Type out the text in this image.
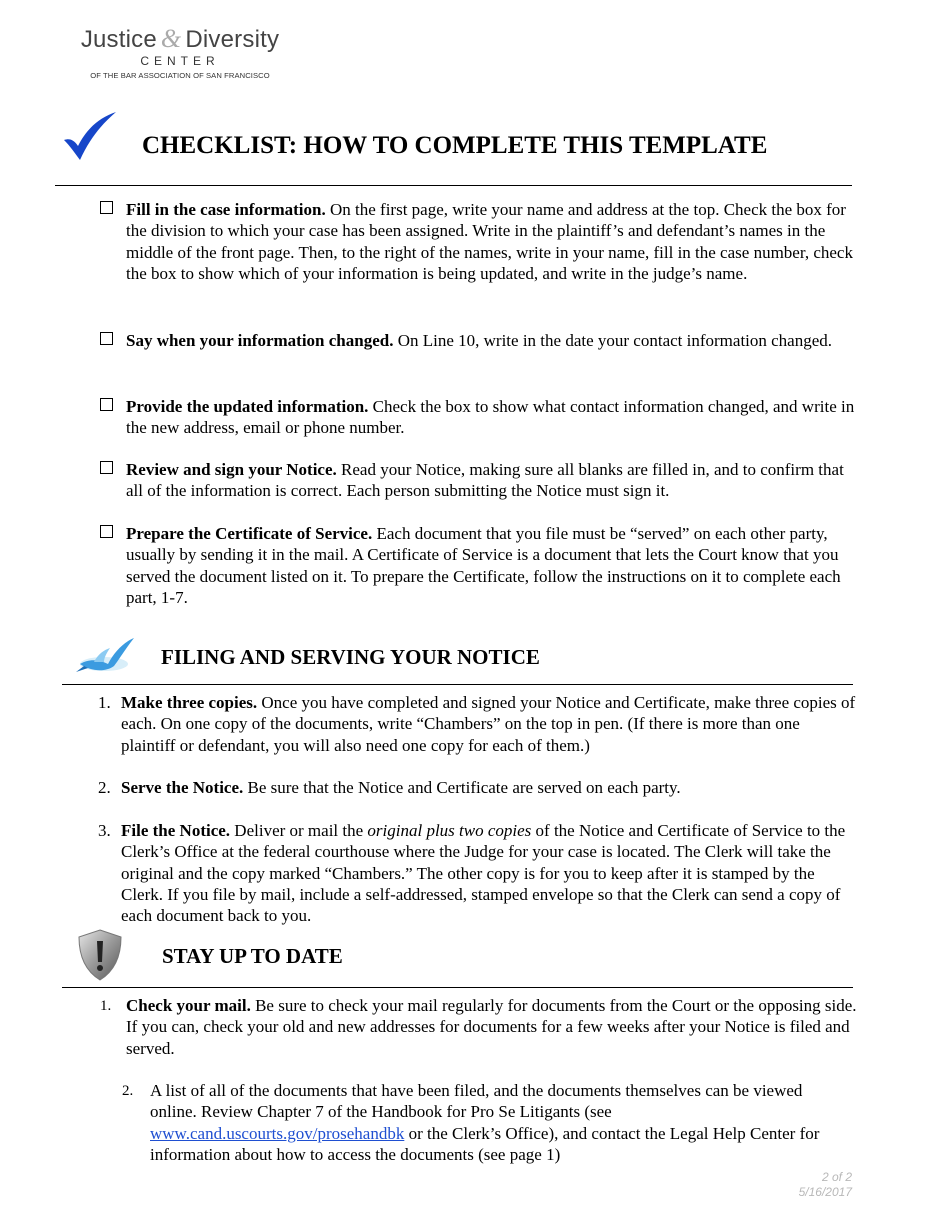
Justice & Diversity
CENTER
OF THE BAR ASSOCIATION OF SAN FRANCISCO
CHECKLIST: HOW TO COMPLETE THIS TEMPLATE
Fill in the case information. On the first page, write your name and address at the top. Check the box for the division to which your case has been assigned. Write in the plaintiff’s and defendant’s names in the middle of the front page. Then, to the right of the names, write in your name, fill in the case number, check the box to show which of your information is being updated, and write in the judge’s name.
Say when your information changed. On Line 10, write in the date your contact information changed.
Provide the updated information. Check the box to show what contact information changed, and write in the new address, email or phone number.
Review and sign your Notice. Read your Notice, making sure all blanks are filled in, and to confirm that all of the information is correct. Each person submitting the Notice must sign it.
Prepare the Certificate of Service. Each document that you file must be “served” on each other party, usually by sending it in the mail. A Certificate of Service is a document that lets the Court know that you served the document listed on it. To prepare the Certificate, follow the instructions on it to complete each part, 1-7.
FILING AND SERVING YOUR NOTICE
1. Make three copies. Once you have completed and signed your Notice and Certificate, make three copies of each. On one copy of the documents, write “Chambers” on the top in pen. (If there is more than one plaintiff or defendant, you will also need one copy for each of them.)
2. Serve the Notice. Be sure that the Notice and Certificate are served on each party.
3. File the Notice. Deliver or mail the original plus two copies of the Notice and Certificate of Service to the Clerk’s Office at the federal courthouse where the Judge for your case is located. The Clerk will take the original and the copy marked “Chambers.” The other copy is for you to keep after it is stamped by the Clerk. If you file by mail, include a self-addressed, stamped envelope so that the Clerk can send a copy of each document back to you.
STAY UP TO DATE
1. Check your mail. Be sure to check your mail regularly for documents from the Court or the opposing side. If you can, check your old and new addresses for documents for a few weeks after your Notice is filed and served.
2. A list of all of the documents that have been filed, and the documents themselves can be viewed online. Review Chapter 7 of the Handbook for Pro Se Litigants (see www.cand.uscourts.gov/prosehandbk or the Clerk’s Office), and contact the Legal Help Center for information about how to access the documents (see page 1)
2 of 2
5/16/2017
